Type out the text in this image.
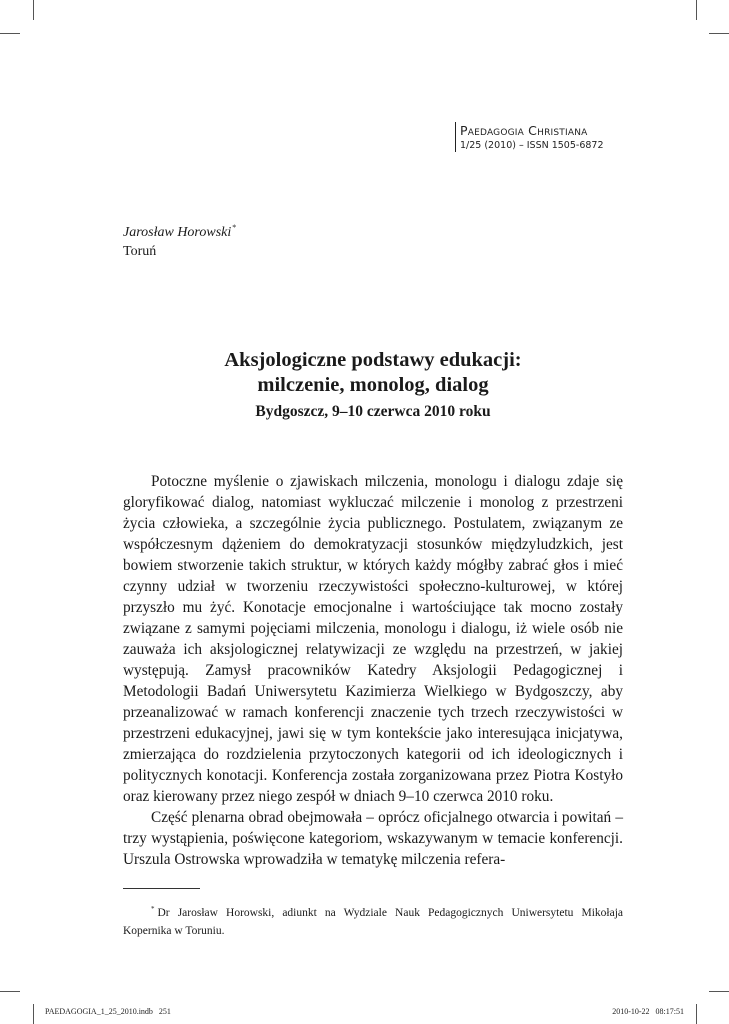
Paedagogia Christiana
1/25 (2010) – ISSN 1505-6872
Jarosław Horowski*
Toruń
Aksjologiczne podstawy edukacji:
milczenie, monolog, dialog
Bydgoszcz, 9–10 czerwca 2010 roku

Potoczne myślenie o zjawiskach milczenia, monologu i dialogu zdaje się gloryfikować dialog, natomiast wykluczać milczenie i monolog z przestrzeni życia człowieka, a szczególnie życia publicznego. Postulatem, związanym ze współczesnym dążeniem do demokratyzacji stosunków międzyludzkich, jest bowiem stworzenie takich struktur, w których każdy mógłby zabrać głos i mieć czynny udział w tworzeniu rzeczywistości społeczno-kulturowej, w której przyszło mu żyć. Konotacje emocjonalne i wartościujące tak mocno zostały związane z samymi pojęciami milczenia, monologu i dialogu, iż wiele osób nie zauważa ich aksjologicznej relatywizacji ze względu na przestrzeń, w jakiej występują. Zamysł pracowników Katedry Aksjologii Pedagogicznej i Metodologii Badań Uniwersytetu Kazimierza Wielkiego w Bydgoszczy, aby przeanalizować w ramach konferencji znaczenie tych trzech rzeczywistości w przestrzeni edukacyjnej, jawi się w tym kontekście jako interesująca inicjatywa, zmierzająca do rozdzielenia przytoczonych kategorii od ich ideologicznych i politycznych konotacji. Konferencja została zorganizowana przez Piotra Kostyło oraz kierowany przez niego zespół w dniach 9–10 czerwca 2010 roku.

Część plenarna obrad obejmowała – oprócz oficjalnego otwarcia i powitań – trzy wystąpienia, poświęcone kategoriom, wskazywanym w temacie konferencji. Urszula Ostrowska wprowadziła w tematykę milczenia refera-

* Dr Jarosław Horowski, adiunkt na Wydziale Nauk Pedagogicznych Uniwersytetu Mikołaja Kopernika w Toruniu.
PAEDAGOGIA_1_25_2010.indb   251	2010-10-22   08:17:51
